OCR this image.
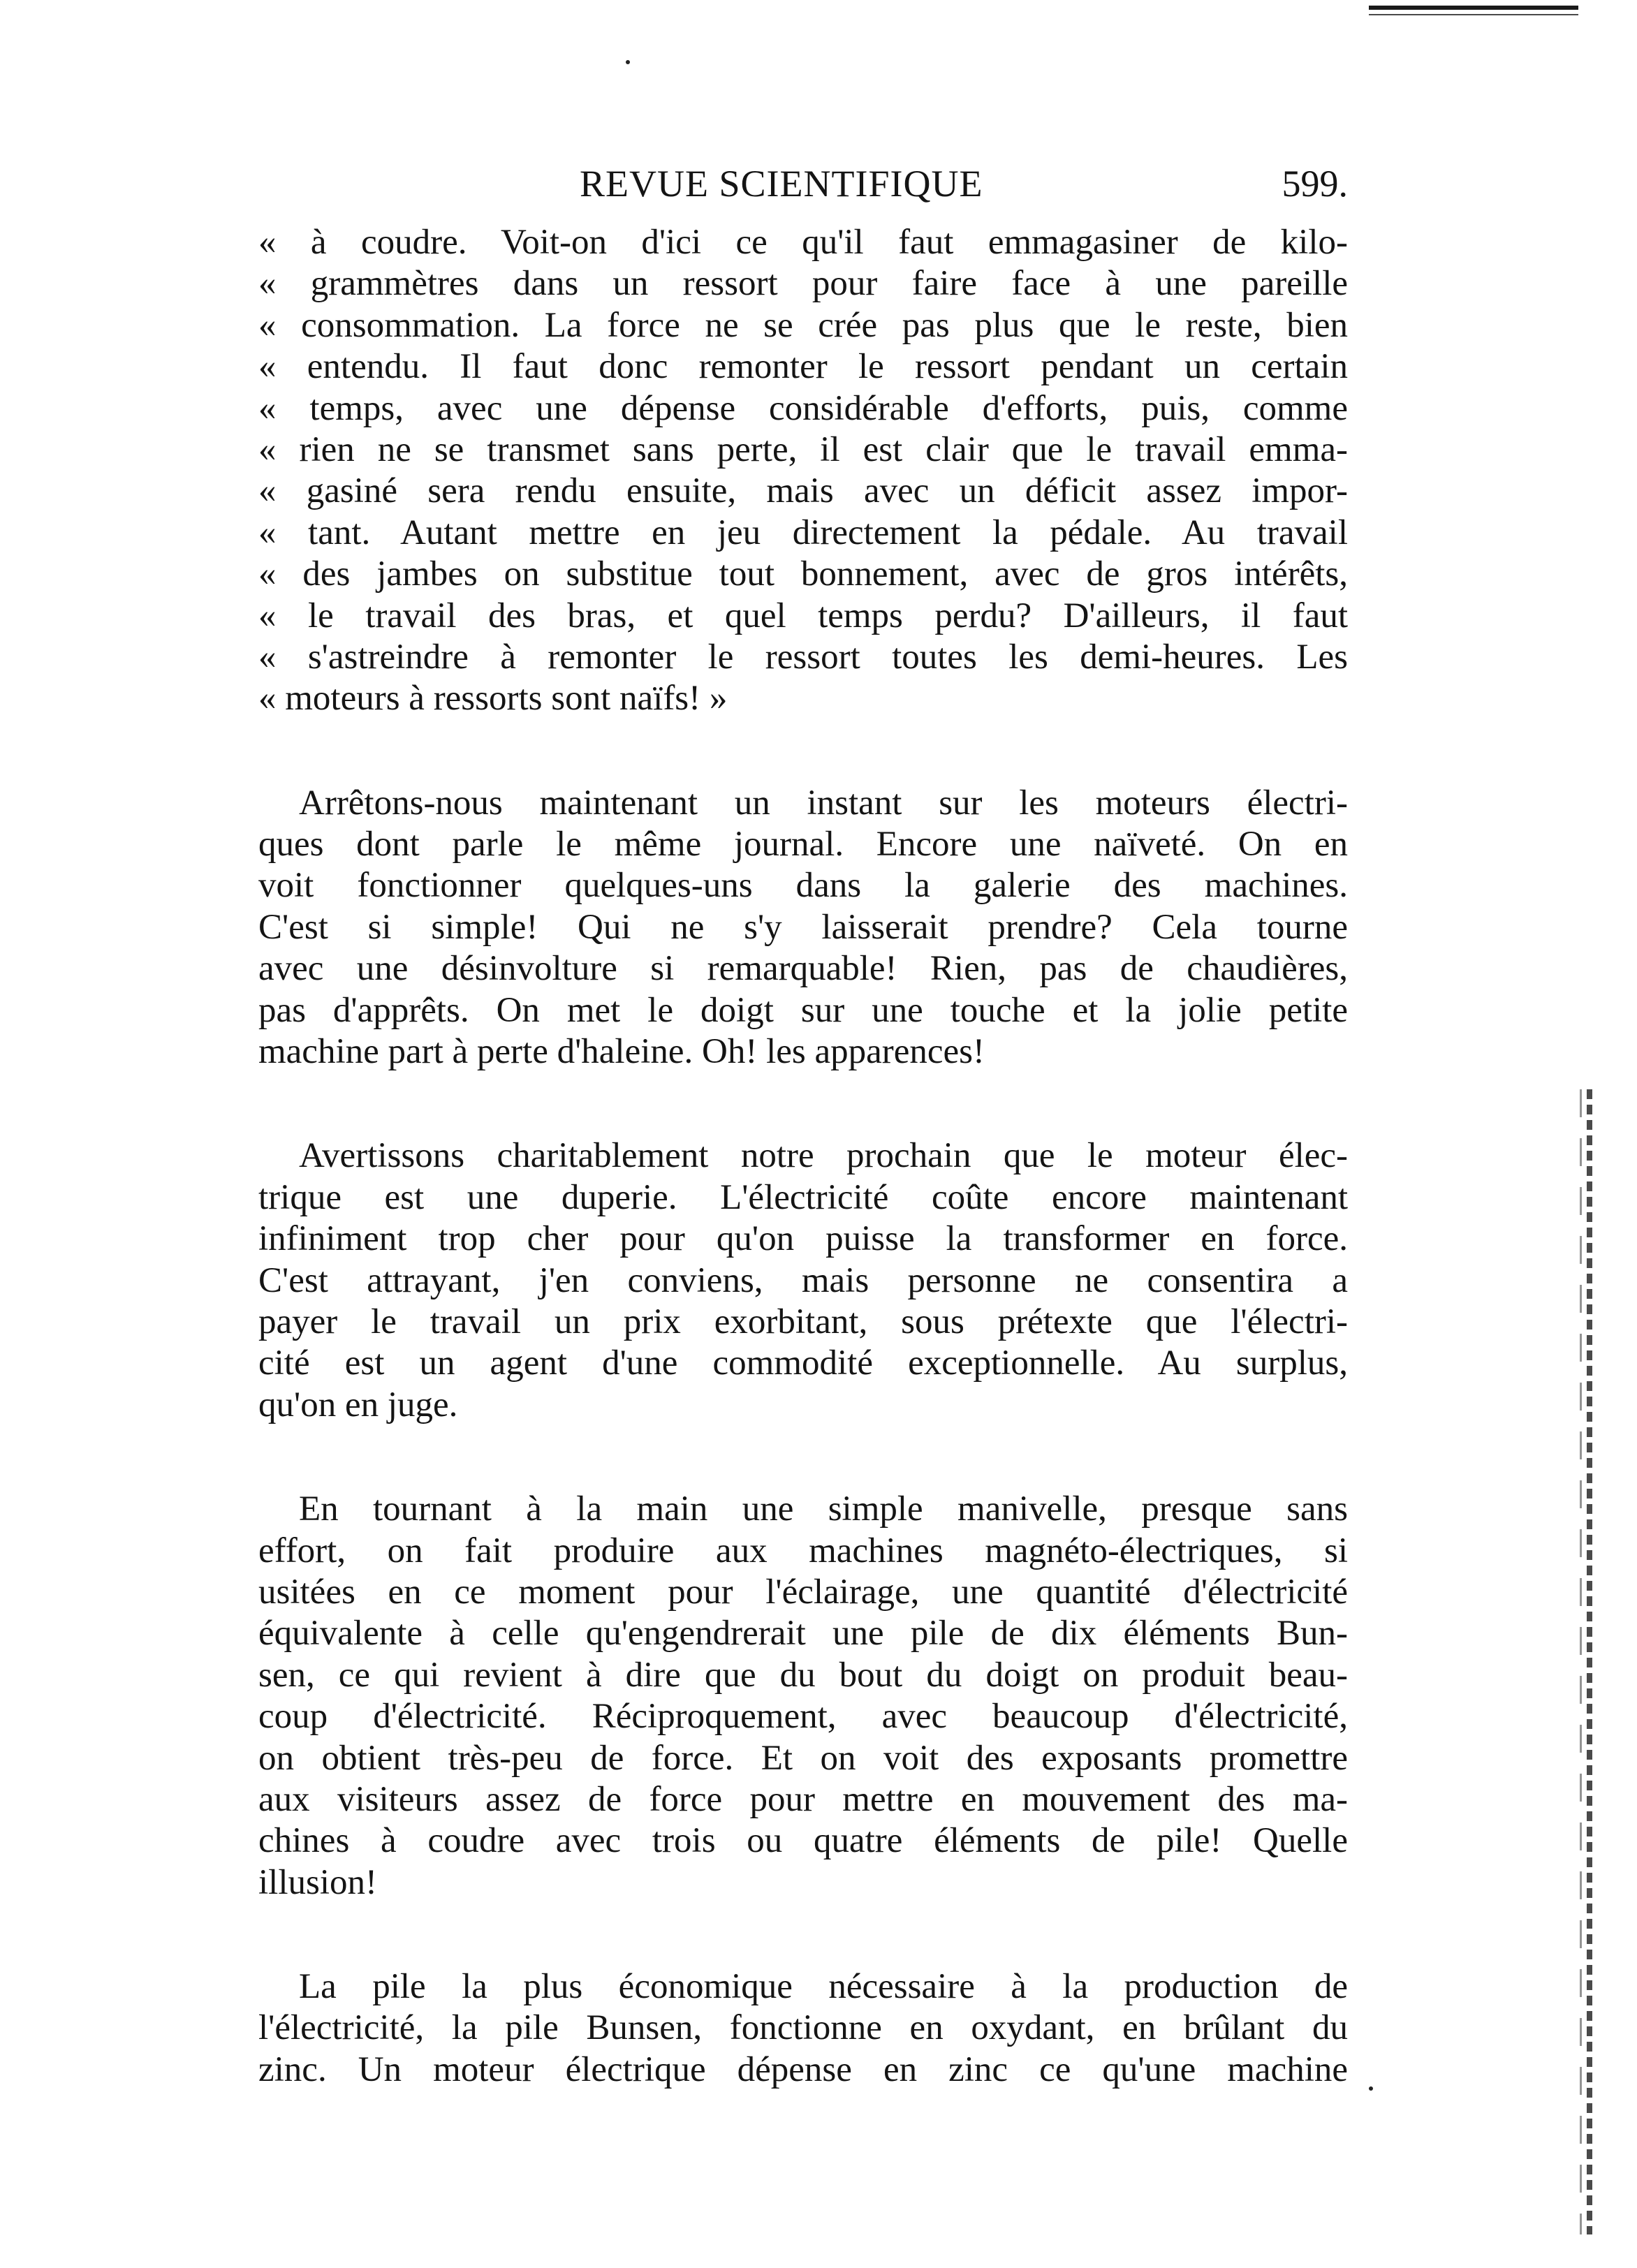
REVUE SCIENTIFIQUE	599.
« à coudre. Voit-on d'ici ce qu'il faut emmagasiner de kilo-
« grammètres dans un ressort pour faire face à une pareille
« consommation. La force ne se crée pas plus que le reste, bien
« entendu. Il faut donc remonter le ressort pendant un certain
« temps, avec une dépense considérable d'efforts, puis, comme
« rien ne se transmet sans perte, il est clair que le travail emma-
« gasiné sera rendu ensuite, mais avec un déficit assez impor-
« tant. Autant mettre en jeu directement la pédale. Au travail
« des jambes on substitue tout bonnement, avec de gros intérêts,
« le travail des bras, et quel temps perdu? D'ailleurs, il faut
« s'astreindre à remonter le ressort toutes les demi-heures. Les
« moteurs à ressorts sont naïfs! »
Arrêtons-nous maintenant un instant sur les moteurs électri-
ques dont parle le même journal. Encore une naïveté. On en
voit fonctionner quelques-uns dans la galerie des machines.
C'est si simple! Qui ne s'y laisserait prendre? Cela tourne
avec une désinvolture si remarquable! Rien, pas de chaudières,
pas d'apprêts. On met le doigt sur une touche et la jolie petite
machine part à perte d'haleine. Oh! les apparences!
Avertissons charitablement notre prochain que le moteur élec-
trique est une duperie. L'électricité coûte encore maintenant
infiniment trop cher pour qu'on puisse la transformer en force.
C'est attrayant, j'en conviens, mais personne ne consentira a
payer le travail un prix exorbitant, sous prétexte que l'électri-
cité est un agent d'une commodité exceptionnelle. Au surplus,
qu'on en juge.
En tournant à la main une simple manivelle, presque sans
effort, on fait produire aux machines magnéto-électriques, si
usitées en ce moment pour l'éclairage, une quantité d'électricité
équivalente à celle qu'engendrerait une pile de dix éléments Bun-
sen, ce qui revient à dire que du bout du doigt on produit beau-
coup d'électricité. Réciproquement, avec beaucoup d'électricité,
on obtient très-peu de force. Et on voit des exposants promettre
aux visiteurs assez de force pour mettre en mouvement des ma-
chines à coudre avec trois ou quatre éléments de pile! Quelle
illusion!
La pile la plus économique nécessaire à la production de
l'électricité, la pile Bunsen, fonctionne en oxydant, en brûlant du
zinc. Un moteur électrique dépense en zinc ce qu'une machine
